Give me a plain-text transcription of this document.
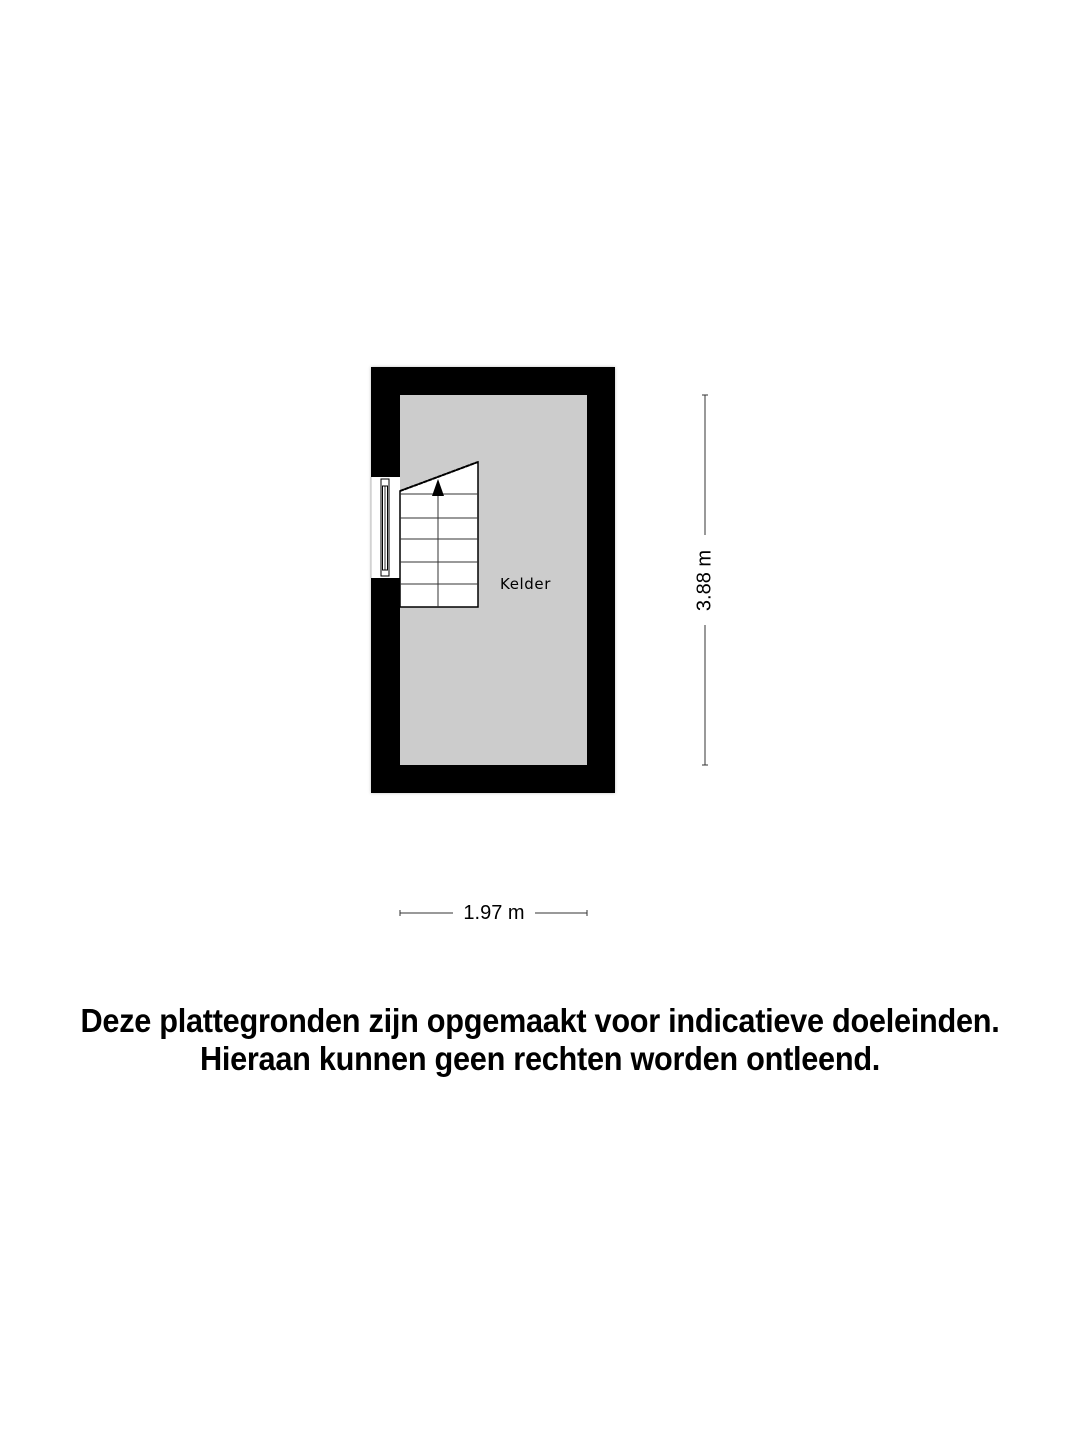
Kelder	3.88 m
1.97 m
Deze plattegronden zijn opgemaakt voor indicatieve doeleinden.
Hieraan kunnen geen rechten worden ontleend.
